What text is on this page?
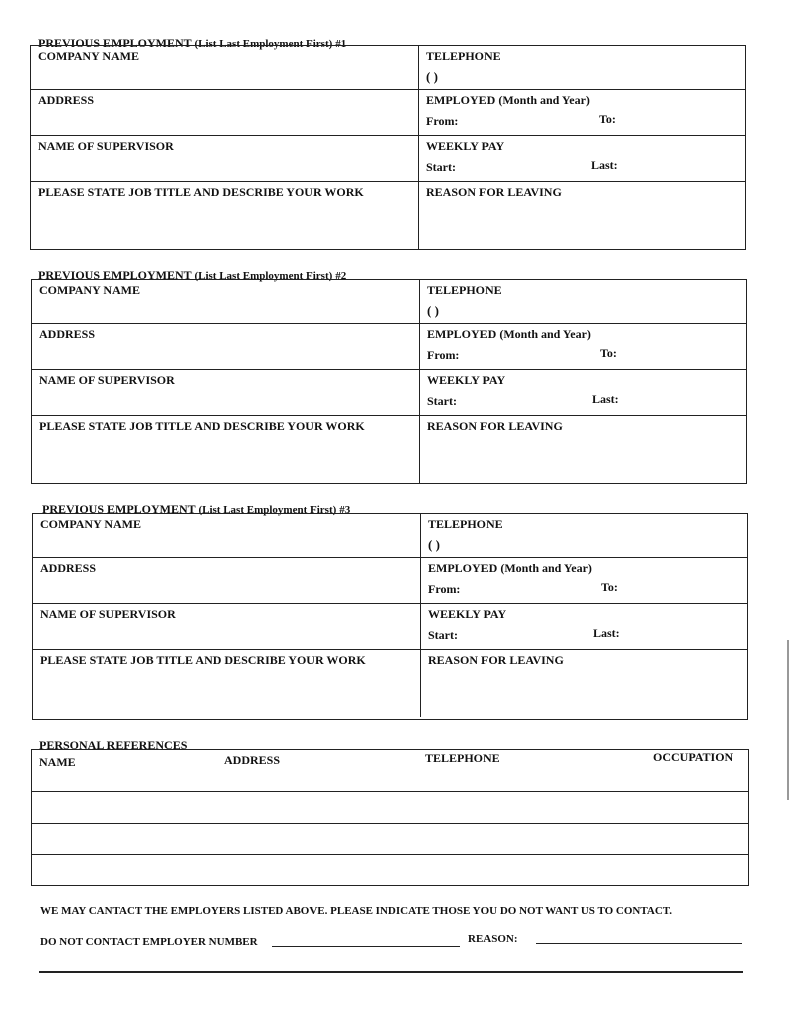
PREVIOUS EMPLOYMENT (List Last Employment First) #1
COMPANY NAME	TELEPHONE
( )
ADDRESS	EMPLOYED (Month and Year)
From:	To:
NAME OF SUPERVISOR	WEEKLY PAY
Start:	Last:
PLEASE STATE JOB TITLE AND DESCRIBE YOUR WORK	REASON FOR LEAVING
PREVIOUS EMPLOYMENT (List Last Employment First) #2
COMPANY NAME	TELEPHONE
( )
ADDRESS	EMPLOYED (Month and Year)
From:	To:
NAME OF SUPERVISOR	WEEKLY PAY
Start:	Last:
PLEASE STATE JOB TITLE AND DESCRIBE YOUR WORK	REASON FOR LEAVING
PREVIOUS EMPLOYMENT (List Last Employment First) #3
COMPANY NAME	TELEPHONE
( )
ADDRESS	EMPLOYED (Month and Year)
From:	To:
NAME OF SUPERVISOR	WEEKLY PAY
Start:	Last:
PLEASE STATE JOB TITLE AND DESCRIBE YOUR WORK	REASON FOR LEAVING
PERSONAL REFERENCES
NAME	ADDRESS	TELEPHONE	OCCUPATION
WE MAY CANTACT THE EMPLOYERS LISTED ABOVE. PLEASE INDICATE THOSE YOU DO NOT WANT US TO CONTACT.
DO NOT CONTACT EMPLOYER NUMBER	REASON:
